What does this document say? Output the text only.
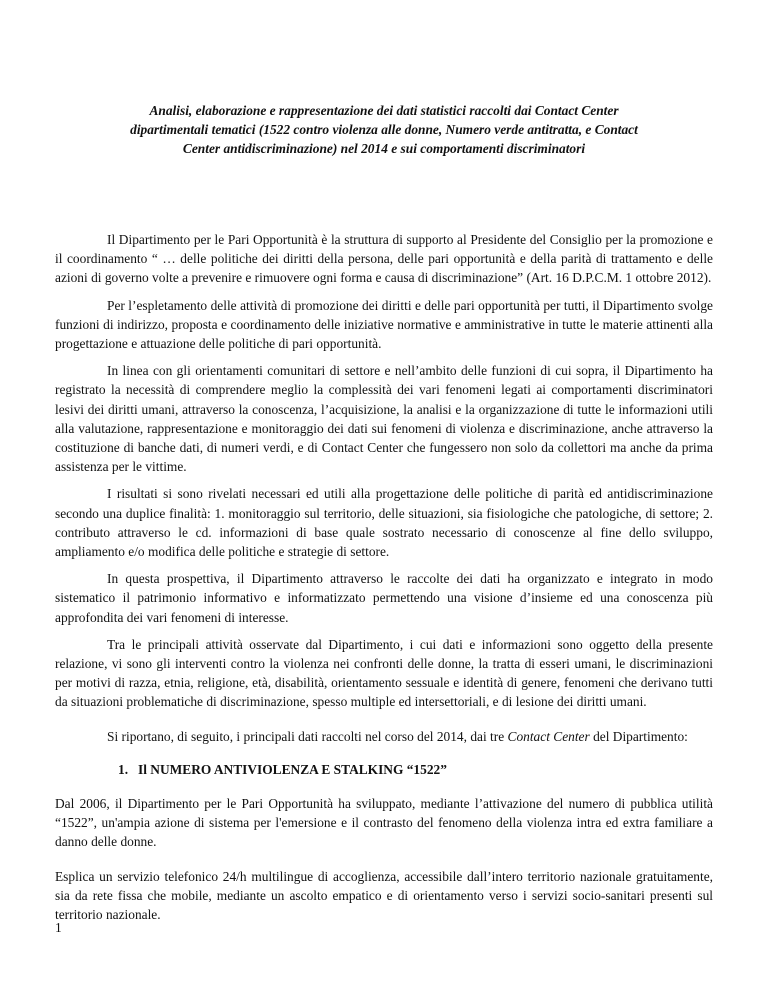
Analisi, elaborazione e rappresentazione dei dati statistici raccolti dai Contact Center
dipartimentali tematici (1522 contro violenza alle donne, Numero verde antitratta, e Contact
Center antidiscriminazione) nel 2014 e sui comportamenti discriminatori

Il Dipartimento per le Pari Opportunità è la struttura di supporto al Presidente del Consiglio per la promozione e il coordinamento “ … delle politiche dei diritti della persona, delle pari opportunità e della parità di trattamento e delle azioni di governo volte a prevenire e rimuovere ogni forma e causa di discriminazione” (Art. 16 D.P.C.M. 1 ottobre 2012).

Per l’espletamento delle attività di promozione dei diritti e delle pari opportunità per tutti, il Dipartimento svolge funzioni di indirizzo, proposta e coordinamento delle iniziative normative e amministrative in tutte le materie attinenti alla progettazione e attuazione delle politiche di pari opportunità.

In linea con gli orientamenti comunitari di settore e nell’ambito delle funzioni di cui sopra, il Dipartimento ha registrato la necessità di comprendere meglio la complessità dei vari fenomeni legati ai comportamenti discriminatori lesivi dei diritti umani, attraverso la conoscenza, l’acquisizione, la analisi e la organizzazione di tutte le informazioni utili alla valutazione, rappresentazione e monitoraggio dei dati sui fenomeni di violenza e discriminazione, anche attraverso la costituzione di banche dati, di numeri verdi, e di Contact Center che fungessero non solo da collettori ma anche da prima assistenza per le vittime.

I risultati si sono rivelati necessari ed utili alla progettazione delle politiche di parità ed antidiscriminazione secondo una duplice finalità: 1. monitoraggio sul territorio, delle situazioni, sia fisiologiche che patologiche, di settore; 2. contributo attraverso le cd. informazioni di base quale sostrato necessario di conoscenze al fine dello sviluppo, ampliamento e/o modifica delle politiche e strategie di settore.

In questa prospettiva, il Dipartimento attraverso le raccolte dei dati ha organizzato e integrato in modo sistematico il patrimonio informativo e informatizzato permettendo una visione d’insieme ed una conoscenza più approfondita dei vari fenomeni di interesse.

Tra le principali attività osservate dal Dipartimento, i cui dati e informazioni sono oggetto della presente relazione, vi sono gli interventi contro la violenza nei confronti delle donne, la tratta di esseri umani, le discriminazioni per motivi di razza, etnia, religione, età, disabilità, orientamento sessuale e identità di genere, fenomeni che derivano tutti da situazioni problematiche di discriminazione, spesso multiple ed intersettoriali, e di lesione dei diritti umani.

Si riportano, di seguito, i principali dati raccolti nel corso del 2014, dai tre Contact Center del Dipartimento:

1. Il NUMERO ANTIVIOLENZA E STALKING “1522”

Dal 2006, il Dipartimento per le Pari Opportunità ha sviluppato, mediante l’attivazione del numero di pubblica utilità “1522”, un'ampia azione di sistema per l'emersione e il contrasto del fenomeno della violenza intra ed extra familiare a danno delle donne.

Esplica un servizio telefonico 24/h multilingue di accoglienza, accessibile dall’intero territorio nazionale gratuitamente, sia da rete fissa che mobile, mediante un ascolto empatico e di orientamento verso i servizi socio-sanitari presenti sul territorio nazionale.

1
